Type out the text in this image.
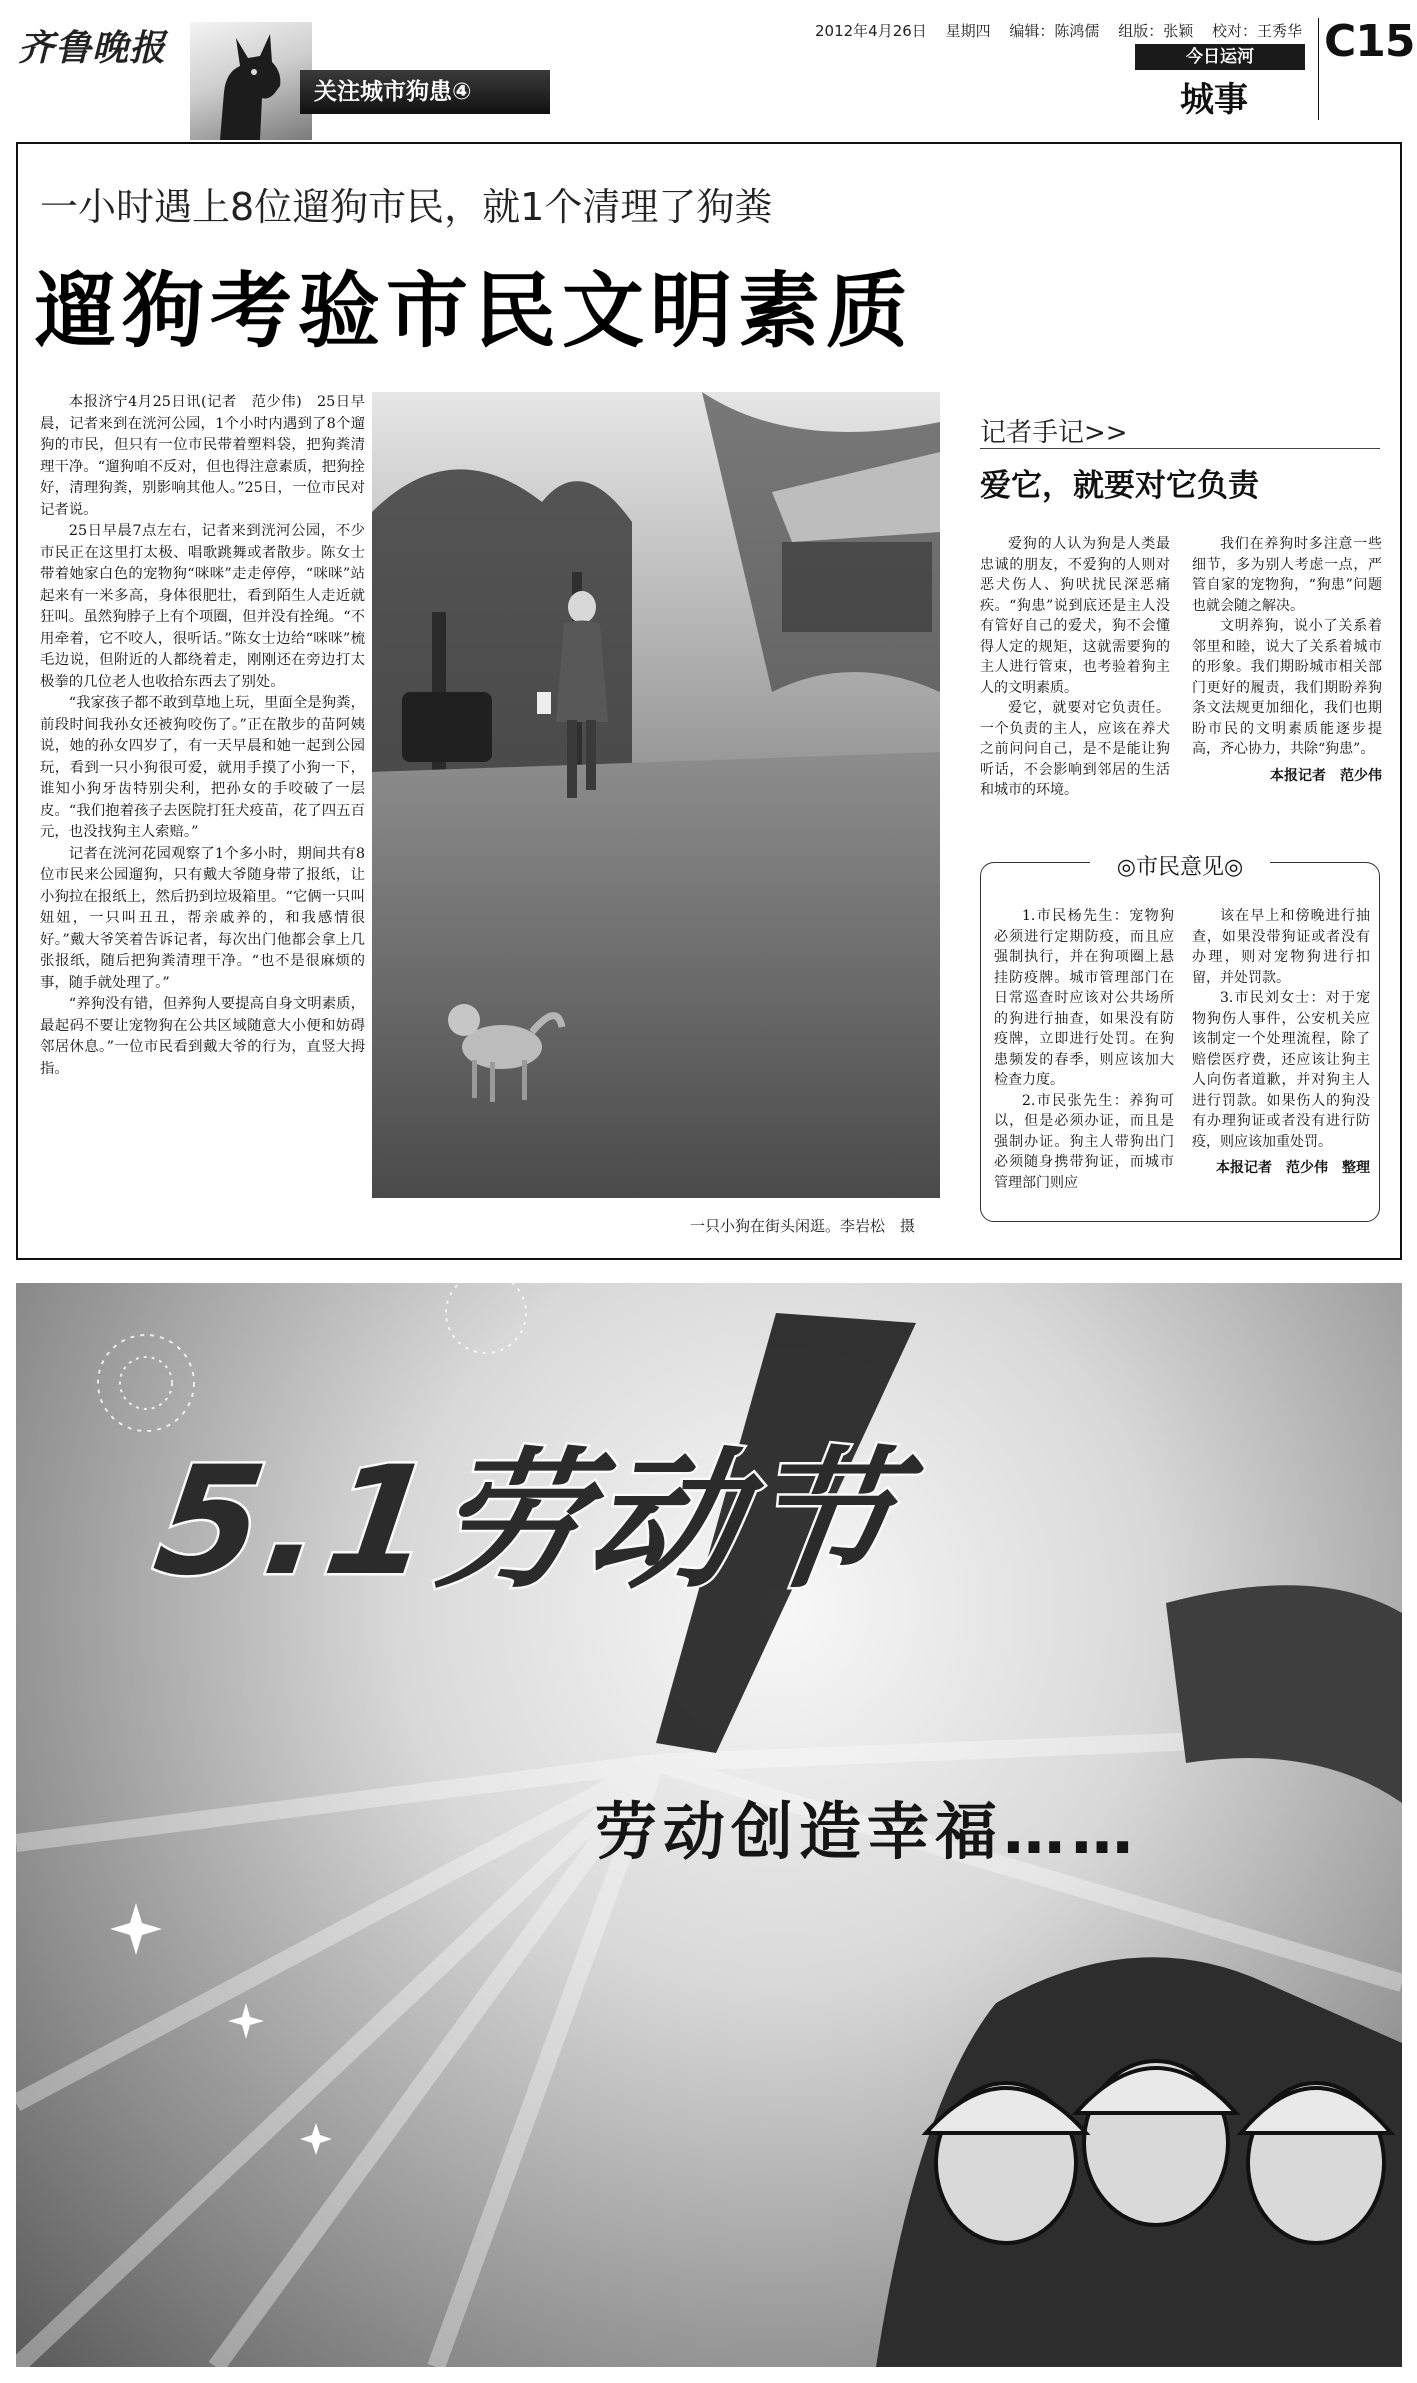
齐鲁晚报
关注城市狗患④
2012年4月26日 星期四 编辑：陈鸿儒 组版：张颖 校对：王秀华
今日运河
城事
C15
一小时遇上8位遛狗市民，就1个清理了狗粪
遛狗考验市民文明素质

本报济宁4月25日讯(记者　范少伟)　25日早晨，记者来到在洸河公园，1个小时内遇到了8个遛狗的市民，但只有一位市民带着塑料袋，把狗粪清理干净。“遛狗咱不反对，但也得注意素质，把狗拴好，清理狗粪，别影响其他人。”25日，一位市民对记者说。

25日早晨7点左右，记者来到洸河公园，不少市民正在这里打太极、唱歌跳舞或者散步。陈女士带着她家白色的宠物狗“咪咪”走走停停，“咪咪”站起来有一米多高，身体很肥壮，看到陌生人走近就狂叫。虽然狗脖子上有个项圈，但并没有拴绳。“不用牵着，它不咬人，很听话。”陈女士边给“咪咪”梳毛边说，但附近的人都绕着走，刚刚还在旁边打太极拳的几位老人也收拾东西去了别处。

“我家孩子都不敢到草地上玩，里面全是狗粪，前段时间我孙女还被狗咬伤了。”正在散步的苗阿姨说，她的孙女四岁了，有一天早晨和她一起到公园玩，看到一只小狗很可爱，就用手摸了小狗一下，谁知小狗牙齿特别尖利，把孙女的手咬破了一层皮。“我们抱着孩子去医院打狂犬疫苗，花了四五百元，也没找狗主人索赔。”

记者在洸河花园观察了1个多小时，期间共有8位市民来公园遛狗，只有戴大爷随身带了报纸，让小狗拉在报纸上，然后扔到垃圾箱里。“它俩一只叫妞妞，一只叫丑丑，帮亲戚养的，和我感情很好。”戴大爷笑着告诉记者，每次出门他都会拿上几张报纸，随后把狗粪清理干净。“也不是很麻烦的事，随手就处理了。”

“养狗没有错，但养狗人要提高自身文明素质，最起码不要让宠物狗在公共区域随意大小便和妨碍邻居休息。”一位市民看到戴大爷的行为，直竖大拇指。

一只小狗在街头闲逛。李岩松　摄
记者手记>>
爱它，就要对它负责

爱狗的人认为狗是人类最忠诚的朋友，不爱狗的人则对恶犬伤人、狗吠扰民深恶痛疾。“狗患”说到底还是主人没有管好自己的爱犬，狗不会懂得人定的规矩，这就需要狗的主人进行管束，也考验着狗主人的文明素质。

爱它，就要对它负责任。一个负责的主人，应该在养犬之前问问自己，是不是能让狗听话，不会影响到邻居的生活和城市的环境。

我们在养狗时多注意一些细节，多为别人考虑一点，严管自家的宠物狗，“狗患”问题也就会随之解决。

文明养狗，说小了关系着邻里和睦，说大了关系着城市的形象。我们期盼城市相关部门更好的履责，我们期盼养狗条文法规更加细化，我们也期盼市民的文明素质能逐步提高，齐心协力，共除“狗患”。

本报记者　范少伟

◎市民意见◎

1.市民杨先生：宠物狗必须进行定期防疫，而且应强制执行，并在狗项圈上悬挂防疫牌。城市管理部门在日常巡查时应该对公共场所的狗进行抽查，如果没有防疫牌，立即进行处罚。在狗患频发的春季，则应该加大检查力度。

2.市民张先生：养狗可以，但是必须办证，而且是强制办证。狗主人带狗出门必须随身携带狗证，而城市管理部门则应

该在早上和傍晚进行抽查，如果没带狗证或者没有办理，则对宠物狗进行扣留，并处罚款。

3.市民刘女士：对于宠物狗伤人事件，公安机关应该制定一个处理流程，除了赔偿医疗费，还应该让狗主人向伤者道歉，并对狗主人进行罚款。如果伤人的狗没有办理狗证或者没有进行防疫，则应该加重处罚。

本报记者　范少伟　整理

5.1劳动节
劳动创造幸福……
